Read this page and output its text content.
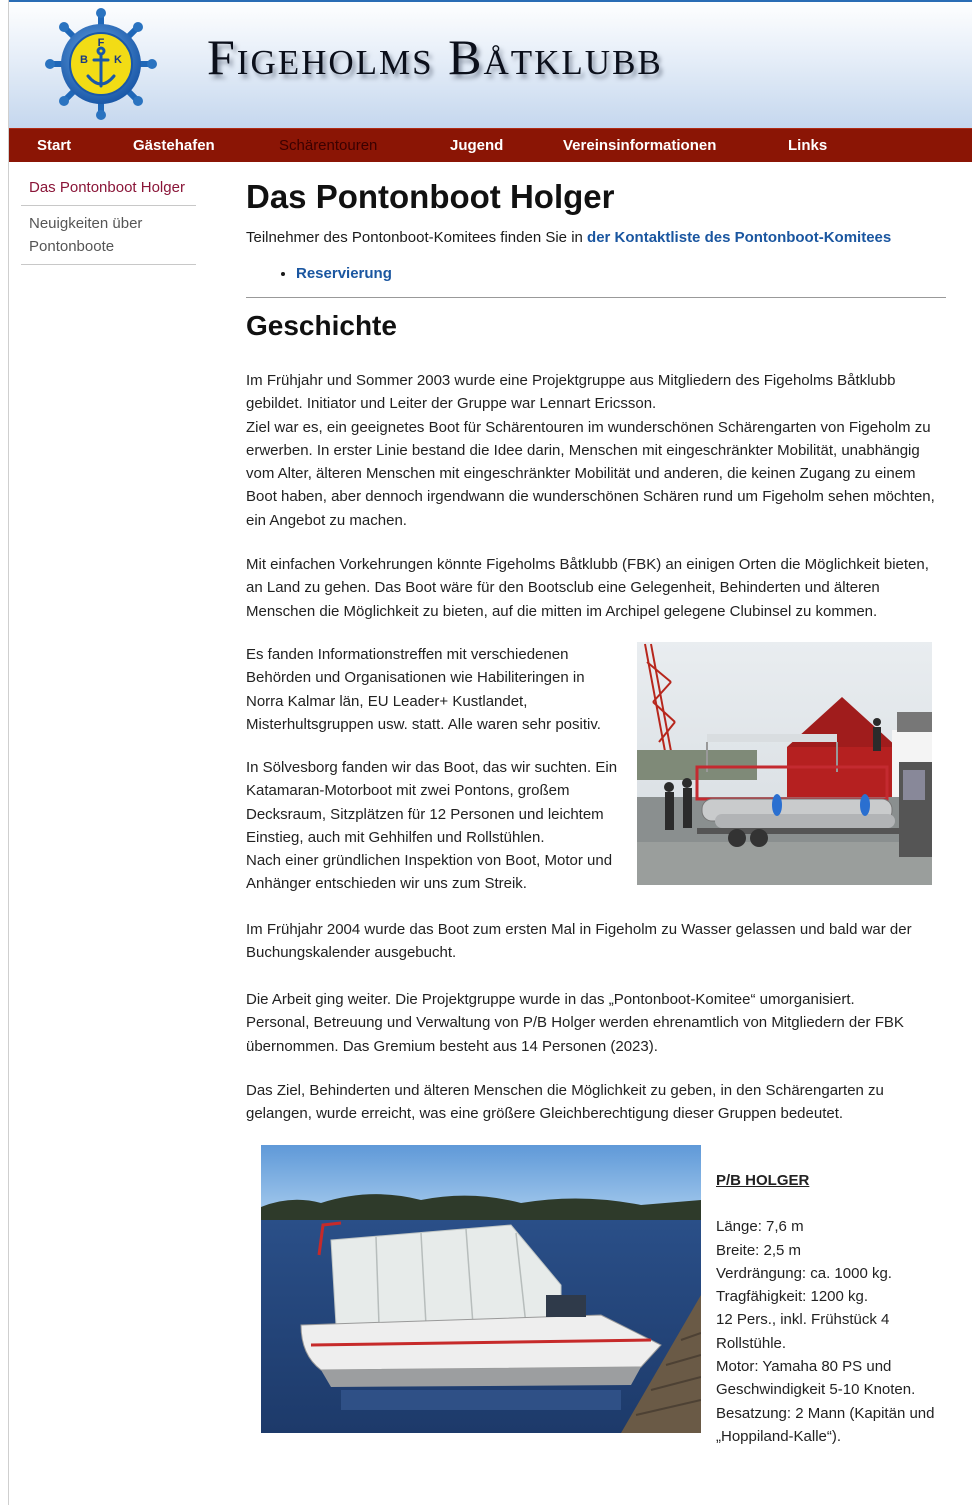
F
B K Figeholms Båtklubb
Start	Gästehafen	Schärentouren	Jugend	Vereinsinformationen	Links
Das Pontonboot Holger
Neuigkeiten über Pontonboote
Das Pontonboot Holger
Teilnehmer des Pontonboot-Komitees finden Sie in der Kontaktliste des Pontonboot-Komitees
• Reservierung
Geschichte
Im Frühjahr und Sommer 2003 wurde eine Projektgruppe aus Mitgliedern des Figeholms Båtklubb gebildet. Initiator und Leiter der Gruppe war Lennart Ericsson.
Ziel war es, ein geeignetes Boot für Schärentouren im wunderschönen Schärengarten von Figeholm zu erwerben. In erster Linie bestand die Idee darin, Menschen mit eingeschränkter Mobilität, unabhängig vom Alter, älteren Menschen mit eingeschränkter Mobilität und anderen, die keinen Zugang zu einem Boot haben, aber dennoch irgendwann die wunderschönen Schären rund um Figeholm sehen möchten, ein Angebot zu machen.
Mit einfachen Vorkehrungen könnte Figeholms Båtklubb (FBK) an einigen Orten die Möglichkeit bieten, an Land zu gehen. Das Boot wäre für den Bootsclub eine Gelegenheit, Behinderten und älteren Menschen die Möglichkeit zu bieten, auf die mitten im Archipel gelegene Clubinsel zu kommen.
Es fanden Informationstreffen mit verschiedenen Behörden und Organisationen wie Habiliteringen in Norra Kalmar län, EU Leader+ Kustlandet, Misterhultsgruppen usw. statt. Alle waren sehr positiv.
In Sölvesborg fanden wir das Boot, das wir suchten. Ein Katamaran-Motorboot mit zwei Pontons, großem Decksraum, Sitzplätzen für 12 Personen und leichtem Einstieg, auch mit Gehhilfen und Rollstühlen.
Nach einer gründlichen Inspektion von Boot, Motor und Anhänger entschieden wir uns zum Streik.
Im Frühjahr 2004 wurde das Boot zum ersten Mal in Figeholm zu Wasser gelassen und bald war der Buchungskalender ausgebucht.
Die Arbeit ging weiter. Die Projektgruppe wurde in das „Pontonboot-Komitee“ umorganisiert.
Personal, Betreuung und Verwaltung von P/B Holger werden ehrenamtlich von Mitgliedern der FBK übernommen. Das Gremium besteht aus 14 Personen (2023).
Das Ziel, Behinderten und älteren Menschen die Möglichkeit zu geben, in den Schärengarten zu gelangen, wurde erreicht, was eine größere Gleichberechtigung dieser Gruppen bedeutet.
P/B HOLGER
Länge: 7,6 m
Breite: 2,5 m
Verdrängung: ca. 1000 kg.
Tragfähigkeit: 1200 kg.
12 Pers., inkl. Frühstück 4 Rollstühle.
Motor: Yamaha 80 PS und Geschwindigkeit 5-10 Knoten.
Besatzung: 2 Mann (Kapitän und „Hoppiland-Kalle“).
